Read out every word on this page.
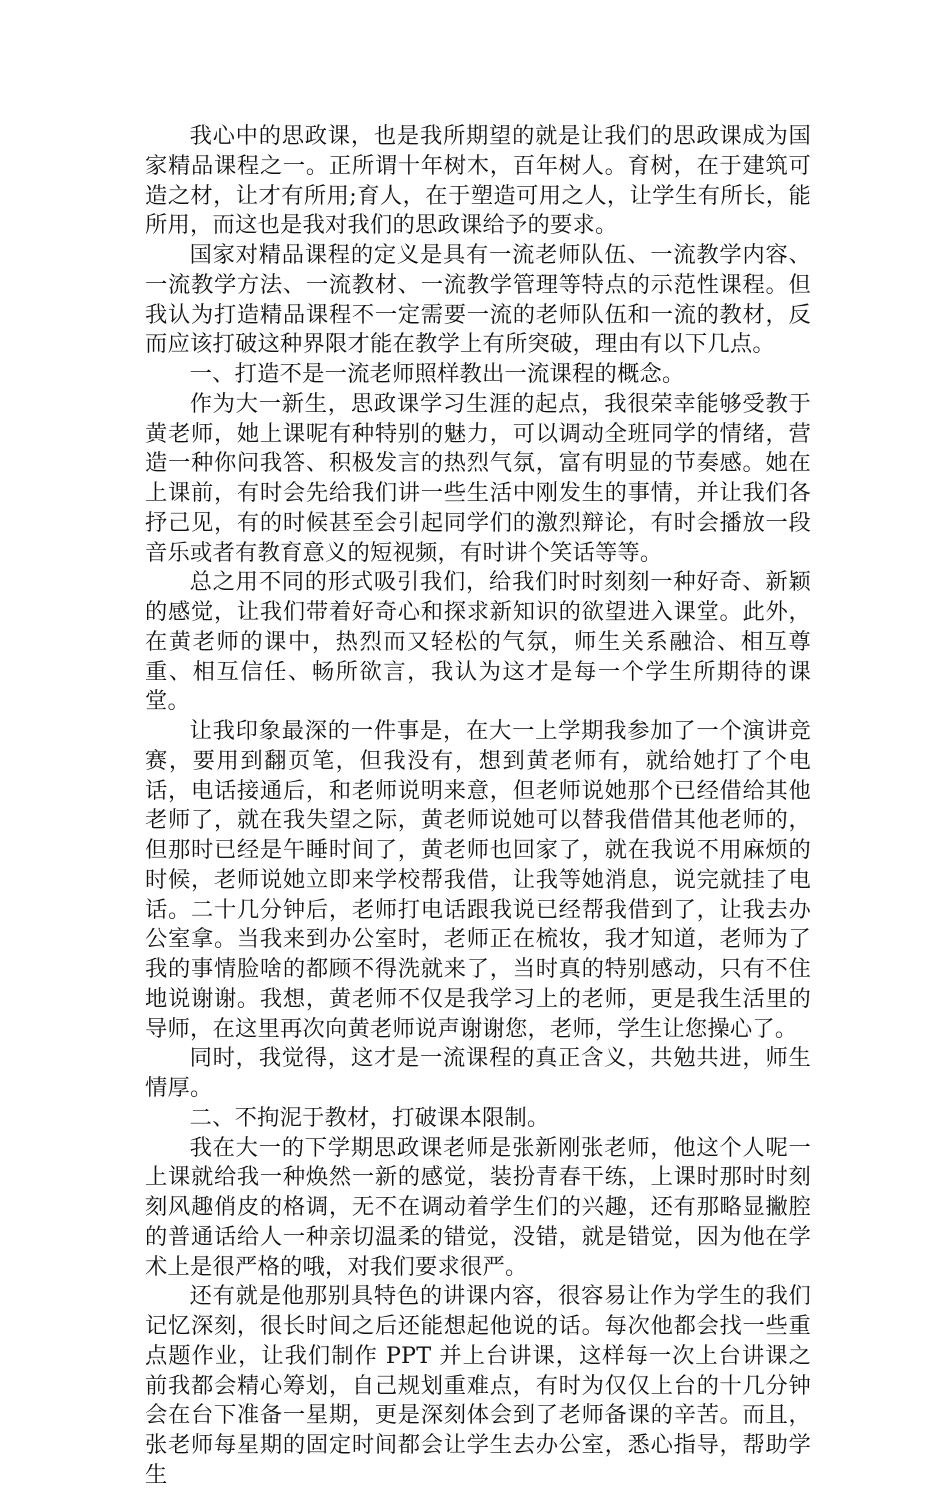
我心中的思政课，也是我所期望的就是让我们的思政课成为国家精品课程之一。正所谓十年树木，百年树人。育树，在于建筑可造之材，让才有所用;育人，在于塑造可用之人，让学生有所长，能所用，而这也是我对我们的思政课给予的要求。

国家对精品课程的定义是具有一流老师队伍、一流教学内容、一流教学方法、一流教材、一流教学管理等特点的示范性课程。但我认为打造精品课程不一定需要一流的老师队伍和一流的教材，反而应该打破这种界限才能在教学上有所突破，理由有以下几点。

一、打造不是一流老师照样教出一流课程的概念。

作为大一新生，思政课学习生涯的起点，我很荣幸能够受教于黄老师，她上课呢有种特别的魅力，可以调动全班同学的情绪，营造一种你问我答、积极发言的热烈气氛，富有明显的节奏感。她在上课前，有时会先给我们讲一些生活中刚发生的事情，并让我们各抒己见，有的时候甚至会引起同学们的激烈辩论，有时会播放一段音乐或者有教育意义的短视频，有时讲个笑话等等。

总之用不同的形式吸引我们，给我们时时刻刻一种好奇、新颖的感觉，让我们带着好奇心和探求新知识的欲望进入课堂。此外，在黄老师的课中，热烈而又轻松的气氛，师生关系融洽、相互尊重、相互信任、畅所欲言，我认为这才是每一个学生所期待的课堂。

让我印象最深的一件事是，在大一上学期我参加了一个演讲竞赛，要用到翻页笔，但我没有，想到黄老师有，就给她打了个电话，电话接通后，和老师说明来意，但老师说她那个已经借给其他老师了，就在我失望之际，黄老师说她可以替我借借其他老师的，但那时已经是午睡时间了，黄老师也回家了，就在我说不用麻烦的时候，老师说她立即来学校帮我借，让我等她消息，说完就挂了电话。二十几分钟后，老师打电话跟我说已经帮我借到了，让我去办公室拿。当我来到办公室时，老师正在梳妆，我才知道，老师为了我的事情脸啥的都顾不得洗就来了，当时真的特别感动，只有不住地说谢谢。我想，黄老师不仅是我学习上的老师，更是我生活里的导师，在这里再次向黄老师说声谢谢您，老师，学生让您操心了。

同时，我觉得，这才是一流课程的真正含义，共勉共进，师生情厚。

二、不拘泥于教材，打破课本限制。

我在大一的下学期思政课老师是张新刚张老师，他这个人呢一上课就给我一种焕然一新的感觉，装扮青春干练，上课时那时时刻刻风趣俏皮的格调，无不在调动着学生们的兴趣，还有那略显撇腔的普通话给人一种亲切温柔的错觉，没错，就是错觉，因为他在学术上是很严格的哦，对我们要求很严。

还有就是他那别具特色的讲课内容，很容易让作为学生的我们记忆深刻，很长时间之后还能想起他说的话。每次他都会找一些重点题作业，让我们制作 PPT 并上台讲课，这样每一次上台讲课之前我都会精心筹划，自己规划重难点，有时为仅仅上台的十几分钟会在台下准备一星期，更是深刻体会到了老师备课的辛苦。而且，张老师每星期的固定时间都会让学生去办公室，悉心指导，帮助学生
